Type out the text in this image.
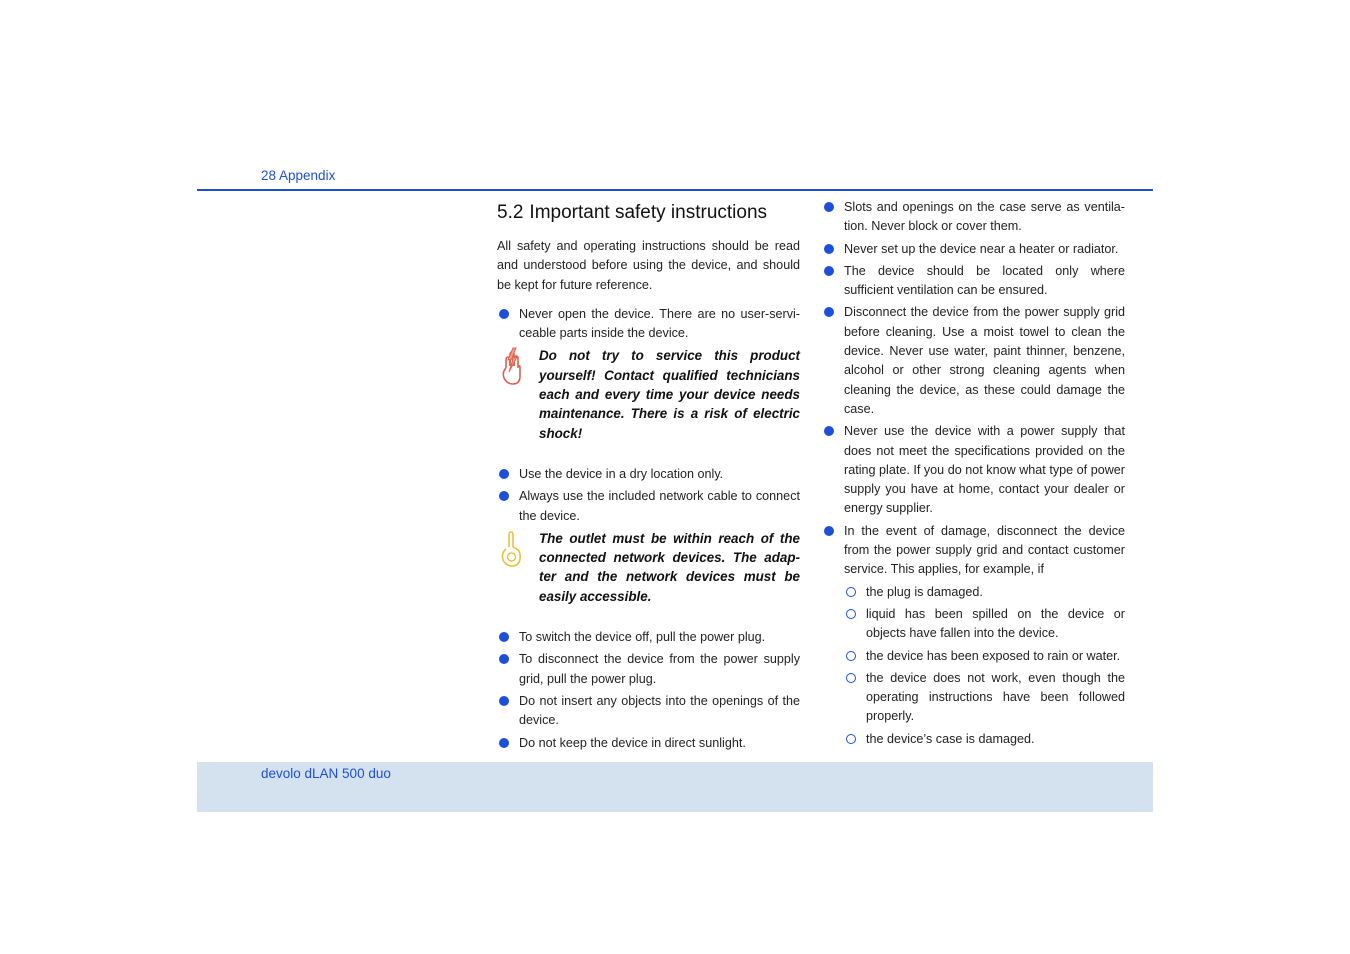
28 Appendix
5.2 Important safety instructions

All safety and operating instructions should be read and understood before using the device, and should be kept for future reference.

Never open the device. There are no user-servi-ceable parts inside the device.
Do not try to service this product yourself! Contact qualified technicians each and every time your device needs maintenance. There is a risk of electric shock!
Use the device in a dry location only.
Always use the included network cable to connect the device.
The outlet must be within reach of the connected network devices. The adap-ter and the network devices must be easily accessible.
To switch the device off, pull the power plug.
To disconnect the device from the power supply grid, pull the power plug.
Do not insert any objects into the openings of the device.
Do not keep the device in direct sunlight.
Slots and openings on the case serve as ventila-tion. Never block or cover them.
Never set up the device near a heater or radiator.
The device should be located only where sufficient ventilation can be ensured.
Disconnect the device from the power supply grid before cleaning. Use a moist towel to clean the device. Never use water, paint thinner, benzene, alcohol or other strong cleaning agents when cleaning the device, as these could damage the case.
Never use the device with a power supply that does not meet the specifications provided on the rating plate. If you do not know what type of power supply you have at home, contact your dealer or energy supplier.
In the event of damage, disconnect the device from the power supply grid and contact customer service. This applies, for example, if
the plug is damaged.
liquid has been spilled on the device or objects have fallen into the device.
the device has been exposed to rain or water.
the device does not work, even though the operating instructions have been followed properly.
the device’s case is damaged.
devolo dLAN 500 duo
